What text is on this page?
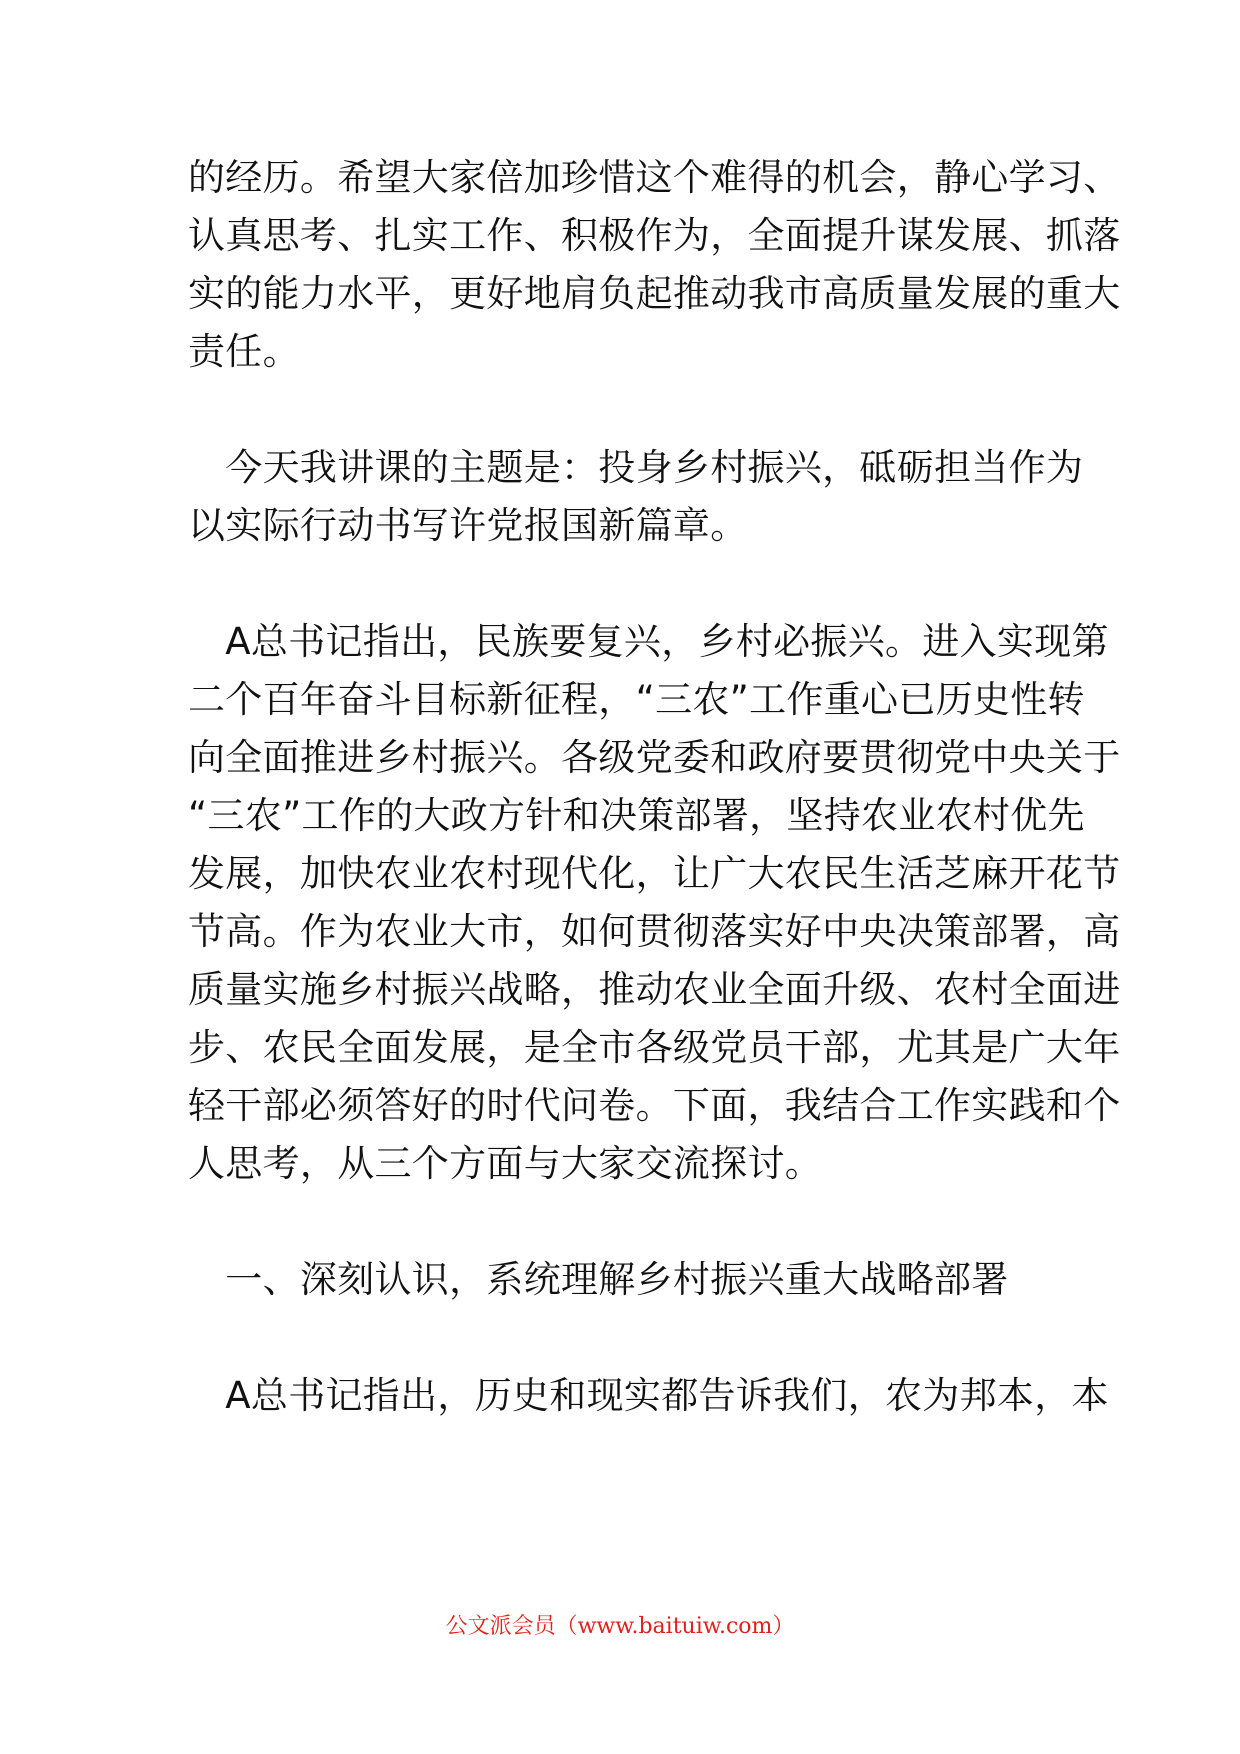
的经历。希望大家倍加珍惜这个难得的机会，静心学习、
认真思考、扎实工作、积极作为，全面提升谋发展、抓落
实的能力水平，更好地肩负起推动我市高质量发展的重大
责任。
　今天我讲课的主题是：投身乡村振兴，砥砺担当作为
以实际行动书写许党报国新篇章。
　A总书记指出，民族要复兴，乡村必振兴。进入实现第
二个百年奋斗目标新征程，“三农”工作重心已历史性转
向全面推进乡村振兴。各级党委和政府要贯彻党中央关于
“三农”工作的大政方针和决策部署，坚持农业农村优先
发展，加快农业农村现代化，让广大农民生活芝麻开花节
节高。作为农业大市，如何贯彻落实好中央决策部署，高
质量实施乡村振兴战略，推动农业全面升级、农村全面进
步、农民全面发展，是全市各级党员干部，尤其是广大年
轻干部必须答好的时代问卷。下面，我结合工作实践和个
人思考，从三个方面与大家交流探讨。
　一、深刻认识，系统理解乡村振兴重大战略部署
　A总书记指出，历史和现实都告诉我们，农为邦本，本
公文派会员（www.baituiw.com）
